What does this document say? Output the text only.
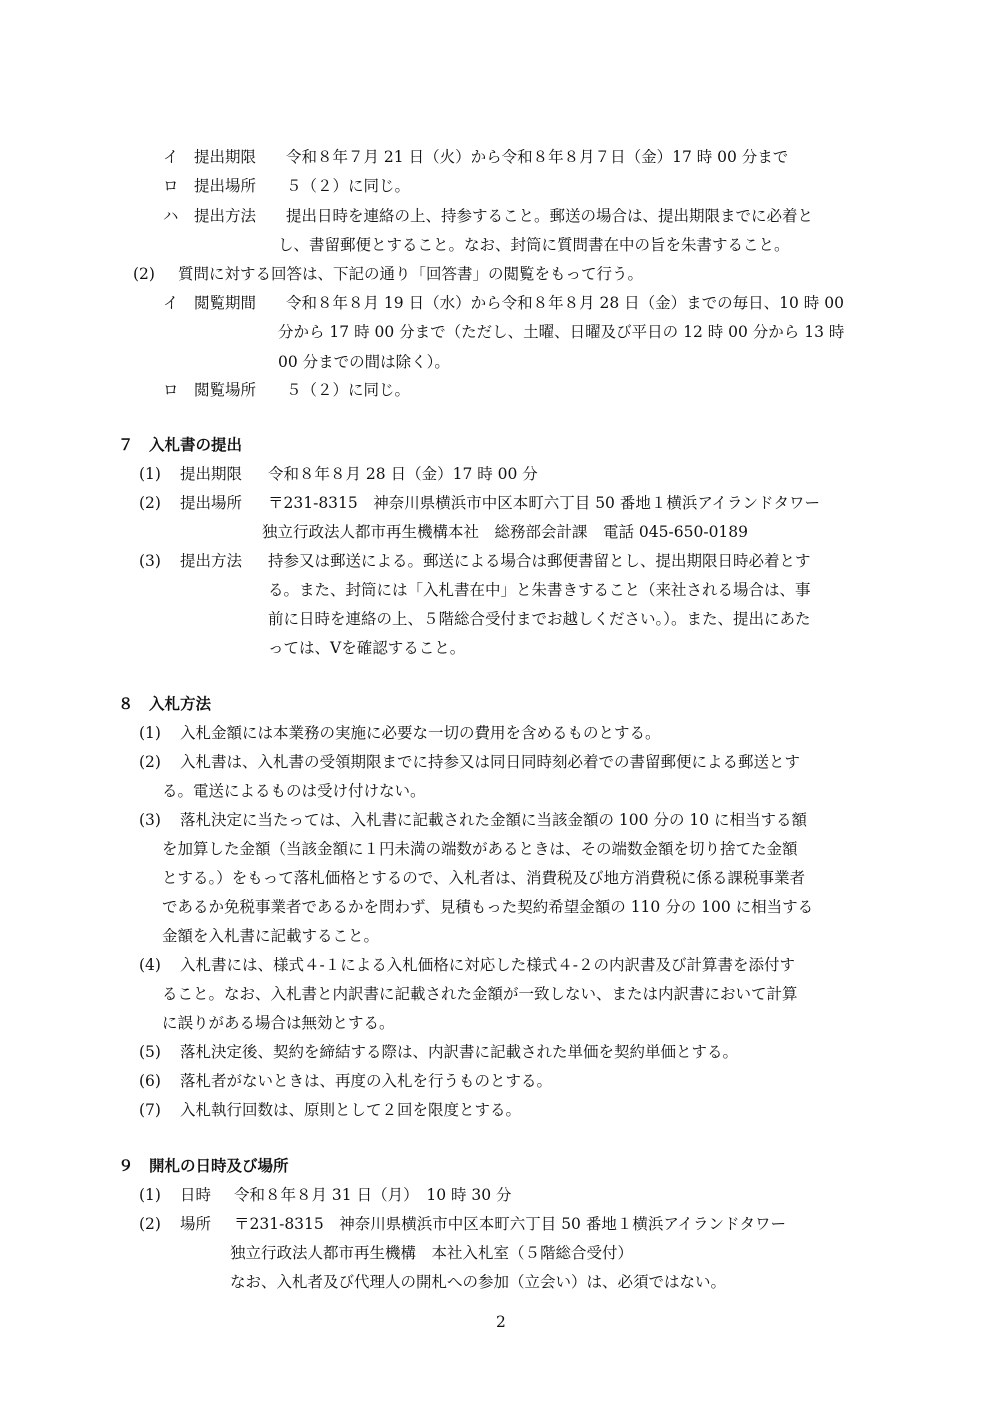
イ　提出期限 令和８年７月 21 日（火）から令和８年８月７日（金）17 時 00 分まで
ロ　提出場所 ５（２）に同じ。
ハ　提出方法 提出日時を連絡の上、持参すること。郵送の場合は、提出期限までに必着と
し、書留郵便とすること。なお、封筒に質問書在中の旨を朱書すること。
(2) 質問に対する回答は、下記の通り「回答書」の閲覧をもって行う。
イ　閲覧期間 令和８年８月 19 日（水）から令和８年８月 28 日（金）までの毎日、10 時 00
分から 17 時 00 分まで（ただし、土曜、日曜及び平日の 12 時 00 分から 13 時
00 分までの間は除く）。
ロ　閲覧場所 ５（２）に同じ。
７　入札書の提出
(1) 提出期限 令和８年８月 28 日（金）17 時 00 分
(2) 提出場所 〒231-8315　神奈川県横浜市中区本町六丁目 50 番地１横浜アイランドタワー
独立行政法人都市再生機構本社　総務部会計課　電話 045-650-0189
(3) 提出方法 持参又は郵送による。郵送による場合は郵便書留とし、提出期限日時必着とす
る。また、封筒には「入札書在中」と朱書きすること（来社される場合は、事
前に日時を連絡の上、５階総合受付までお越しください。）。また、提出にあた
っては、Ⅴを確認すること。
８　入札方法
(1) 入札金額には本業務の実施に必要な一切の費用を含めるものとする。
(2) 入札書は、入札書の受領期限までに持参又は同日同時刻必着での書留郵便による郵送とす
る。電送によるものは受け付けない。
(3) 落札決定に当たっては、入札書に記載された金額に当該金額の 100 分の 10 に相当する額
を加算した金額（当該金額に１円未満の端数があるときは、その端数金額を切り捨てた金額
とする。）をもって落札価格とするので、入札者は、消費税及び地方消費税に係る課税事業者
であるか免税事業者であるかを問わず、見積もった契約希望金額の 110 分の 100 に相当する
金額を入札書に記載すること。
(4) 入札書には、様式４-１による入札価格に対応した様式４-２の内訳書及び計算書を添付す
ること。なお、入札書と内訳書に記載された金額が一致しない、または内訳書において計算
に誤りがある場合は無効とする。
(5) 落札決定後、契約を締結する際は、内訳書に記載された単価を契約単価とする。
(6) 落札者がないときは、再度の入札を行うものとする。
(7) 入札執行回数は、原則として２回を限度とする。
９　開札の日時及び場所
(1) 日時 令和８年８月 31 日（月）　10 時 30 分
(2) 場所 〒231-8315　神奈川県横浜市中区本町六丁目 50 番地１横浜アイランドタワー
独立行政法人都市再生機構　本社入札室（５階総合受付）
なお、入札者及び代理人の開札への参加（立会い）は、必須ではない。
2
